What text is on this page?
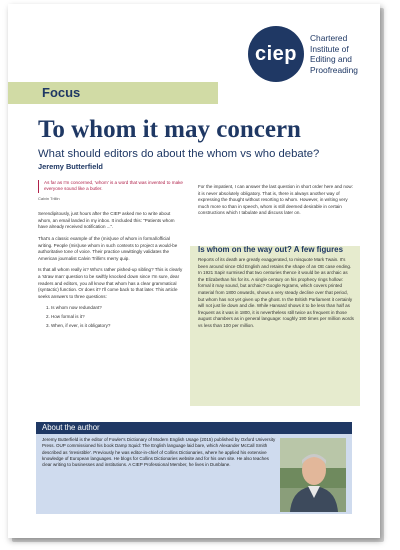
ciep
Chartered
Institute of
Editing and
Proofreading
Focus
To whom it may concern
What should editors do about the whom vs who debate?
Jeremy Butterfield
As far as I'm concerned, 'whom' is a word that was invented to make everyone sound like a butler.
Calvin Trillin

Serendipitously, just hours after the CIEP asked me to write about whom, an email landed in my inbox. It included this: "Patients whom have already received notification ...".

That's a classic example of the (mis)use of whom in formal/official writing. People (mis)use whom in such contexts to project a would-be authoritative tone of voice. Their practice unwittingly validates the American journalist Calvin Trillin's merry quip.

Is that all whom really is? Who's rather pished-up sibling? This is clearly a 'straw man' question to be swiftly knocked down since I'm sure, dear readers and editors, you all know that whom has a clear grammatical (syntactic) function. Or does it? I'll come back to that later. This article seeks answers to three questions:

1. Is whom now redundant?
2. How formal is it?
3. When, if ever, is it obligatory?

For the impatient, I can answer the last question in short order here and now: it is never absolutely obligatory. That is, there is always another way of expressing the thought without resorting to whom. However, in writing very much more so than in speech, whom is still deemed desirable in certain constructions which I tabulate and discuss later on.

Is whom on the way out? A few figures

Reports of its death are greatly exaggerated, to misquote Mark Twain. It's been around since Old English and retains the shape of an OE case ending. In 1921 Sapir surmised that two centuries thence it would be as archaic as the Elizabethan his for its. A single century on his prophecy rings hollow: formal it may sound, but archaic? Google Ngrams, which covers printed material from 1800 onwards, shows a very steady decline over that period, but whom has not yet given up the ghost. In the British Parliament it certainly will not just lie down and die. While Hansard shows it to be less than half as frequent as it was in 1800, it is nevertheless still twice as frequent in those august chambers as in general language: roughly 190 times per million words vs less than 100 per million.

About the author
Jeremy Butterfield is the editor of Fowler's Dictionary of Modern English Usage (2015) published by Oxford University Press. OUP commissioned his book Damp Squid: The English language laid bare, which Alexander McCall Smith described as 'irresistible'. Previously he was editor-in-chief of Collins Dictionaries, where he applied his extensive knowledge of European languages. He blogs for Collins Dictionaries website and for his own site. He also teaches clear writing to businesses and institutions. A CIEP Professional Member, he lives in Dunblane.
